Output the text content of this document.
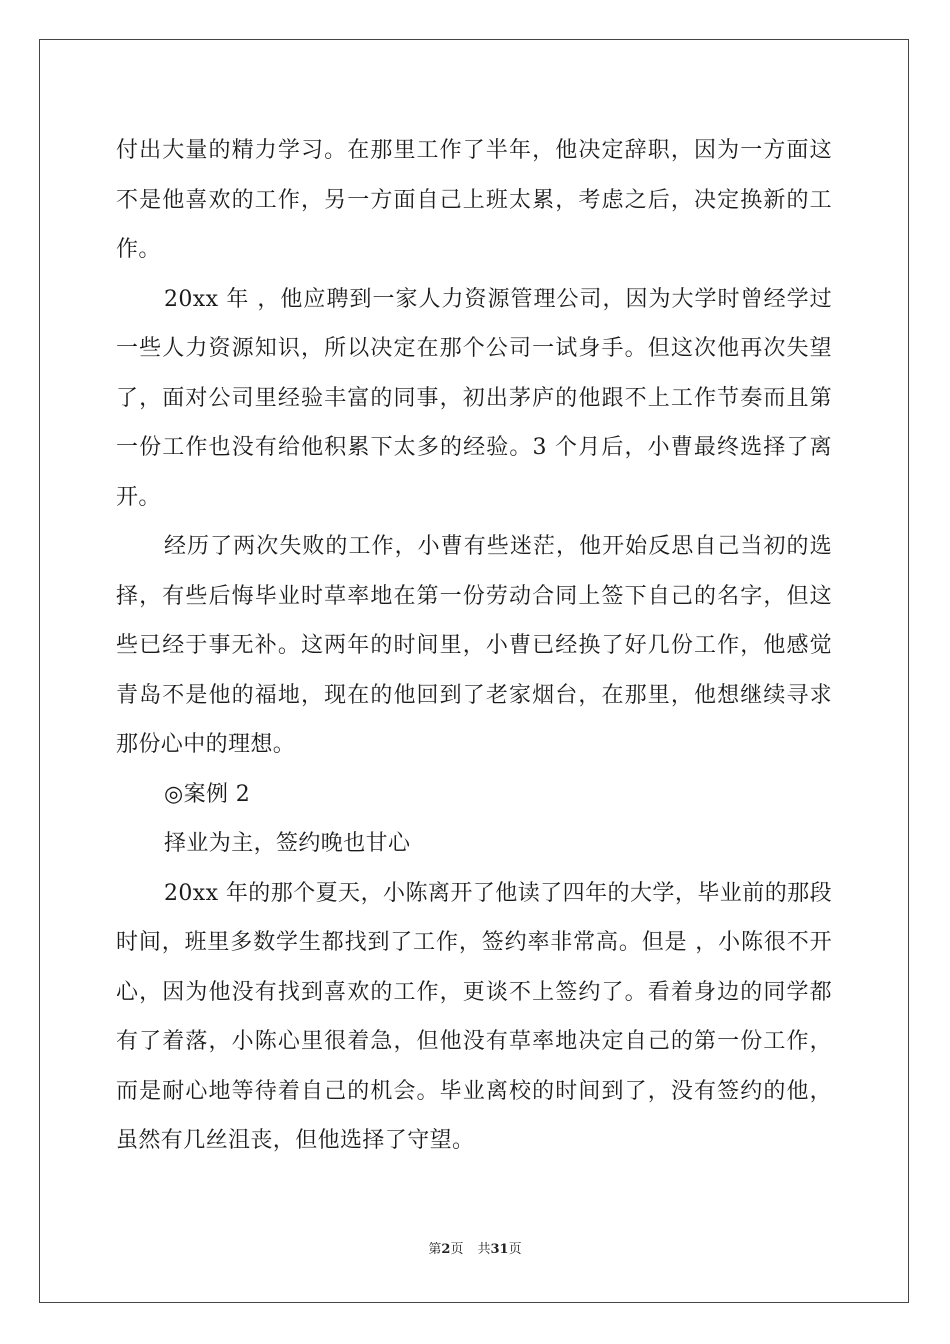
付出大量的精力学习。在那里工作了半年，他决定辞职，因为一方面这不是他喜欢的工作，另一方面自己上班太累，考虑之后，决定换新的工作。

20xx 年 ，他应聘到一家人力资源管理公司，因为大学时曾经学过一些人力资源知识，所以决定在那个公司一试身手。但这次他再次失望了，面对公司里经验丰富的同事，初出茅庐的他跟不上工作节奏而且第一份工作也没有给他积累下太多的经验。3 个月后，小曹最终选择了离开。

经历了两次失败的工作，小曹有些迷茫，他开始反思自己当初的选择，有些后悔毕业时草率地在第一份劳动合同上签下自己的名字，但这些已经于事无补。这两年的时间里，小曹已经换了好几份工作，他感觉青岛不是他的福地，现在的他回到了老家烟台，在那里，他想继续寻求那份心中的理想。

◎案例 2

择业为主，签约晚也甘心

20xx 年的那个夏天，小陈离开了他读了四年的大学，毕业前的那段时间，班里多数学生都找到了工作，签约率非常高。但是 ，小陈很不开心，因为他没有找到喜欢的工作，更谈不上签约了。看着身边的同学都有了着落，小陈心里很着急，但他没有草率地决定自己的第一份工作，而是耐心地等待着自己的机会。毕业离校的时间到了，没有签约的他，虽然有几丝沮丧，但他选择了守望。

第2页 共31页
